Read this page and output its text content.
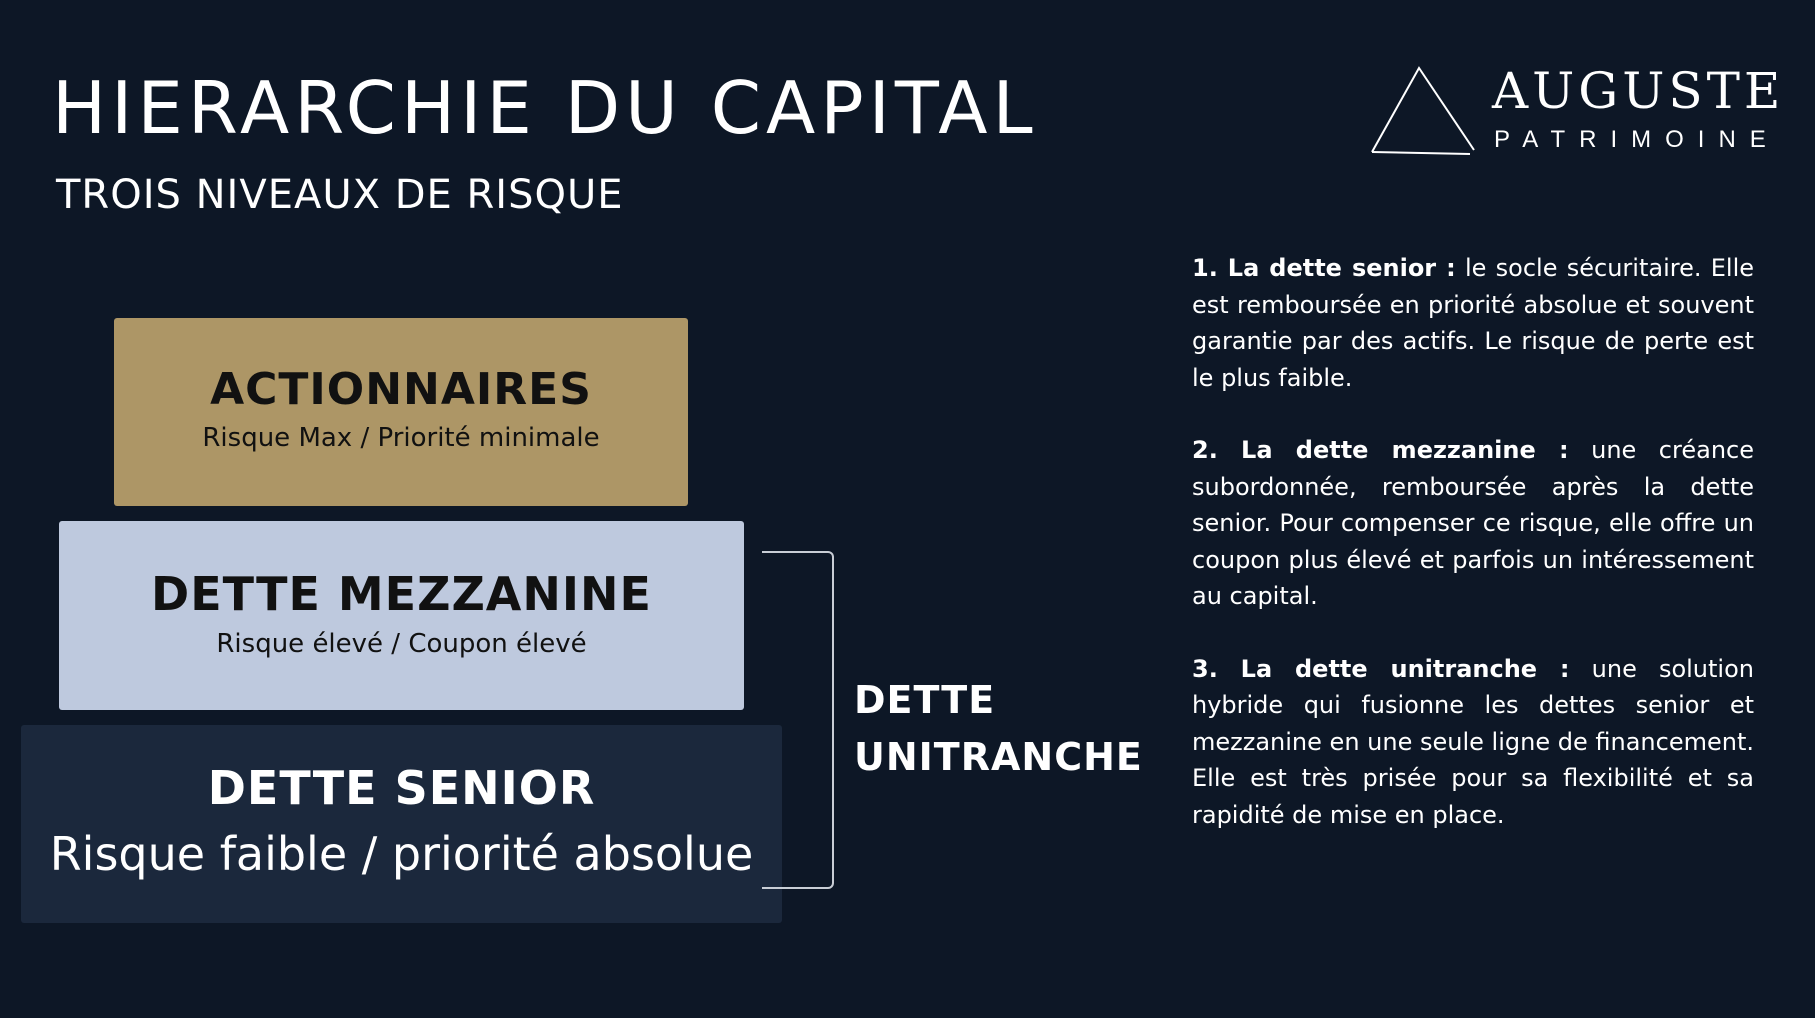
HIERARCHIE DU CAPITAL
TROIS NIVEAUX DE RISQUE
AUGUSTE
PATRIMOINE
ACTIONNAIRES
Risque Max / Priorité minimale
DETTE MEZZANINE
Risque élevé / Coupon élevé
DETTE SENIOR
Risque faible / priorité absolue
DETTE
UNITRANCHE

1. La dette senior : le socle sécuritaire. Elle est remboursée en priorité absolue et souvent garantie par des actifs. Le risque de perte est le plus faible.

2. La dette mezzanine : une créance subordonnée, remboursée après la dette senior. Pour compenser ce risque, elle offre un coupon plus élevé et parfois un intéressement au capital.

3. La dette unitranche : une solution hybride qui fusionne les dettes senior et mezzanine en une seule ligne de financement. Elle est très prisée pour sa flexibilité et sa rapidité de mise en place.
